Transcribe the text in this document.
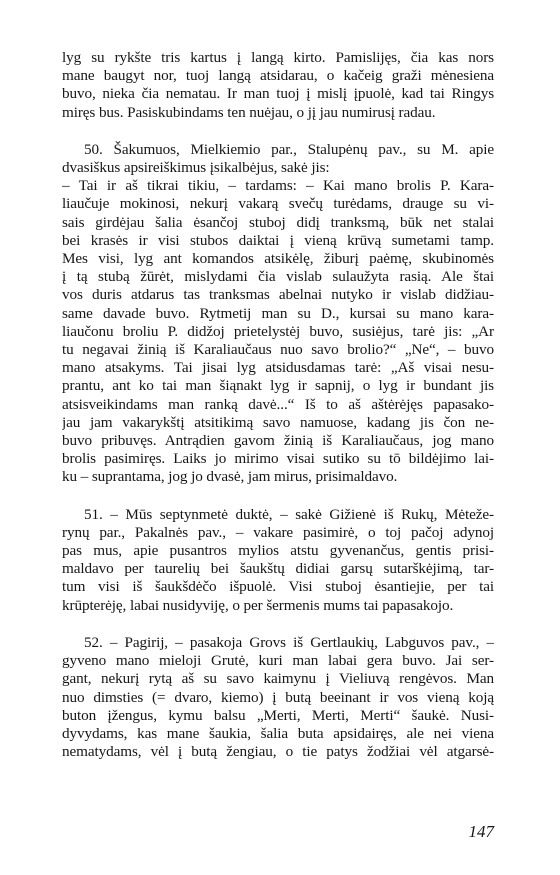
lyg su rykšte tris kartus į langą kirto. Pamislijęs, čia kas nors
mane baugyt nor, tuoj langą atsidarau, o kačeig graži mėnesiena
buvo, nieka čia nematau. Ir man tuoj į mislį įpuolė, kad tai Ringys
miręs bus. Pasiskubindams ten nuėjau, o jį jau numirusį radau.
50. Šakumuos, Mielkiemio par., Stalupėnų pav., su M. apie
dvasiškus apsireiškimus įsikalbėjus, sakė jis:
– Tai ir aš tikrai tikiu, – tardams: – Kai mano brolis P. Kara-
liaučuje mokinosi, nekurį vakarą svečų turėdams, drauge su vi-
sais girdėjau šalia ėsančoj stuboj didį tranksmą, būk net stalai
bei krasės ir visi stubos daiktai į vieną krūvą sumetami tamp.
Mes visi, lyg ant komandos atsikėlę, žiburį paėmę, skubinomės
į tą stubą žūrėt, mislydami čia vislab sulaužyta rasią. Ale štai
vos duris atdarus tas tranksmas abelnai nutyko ir vislab didžiau-
same davade buvo. Rytmetij man su D., kursai su mano kara-
liaučonu broliu P. didžoj prietelystėj buvo, susiėjus, tarė jis: „Ar
tu negavai žinią iš Karaliaučaus nuo savo brolio?“ „Ne“, – buvo
mano atsakyms. Tai jisai lyg atsidusdamas tarė: „Aš visai nesu-
prantu, ant ko tai man šiąnakt lyg ir sapnij, o lyg ir bundant jis
atsisveikindams man ranką davė...“ Iš to aš aštėrėjęs papasako-
jau jam vakarykštį atsitikimą savo namuose, kadang jis čon ne-
buvo pribuvęs. Antrądien gavom žinią iš Karaliaučaus, jog mano
brolis pasimiręs. Laiks jo mirimo visai sutiko su tō bildėjimo lai-
ku – suprantama, jog jo dvasė, jam mirus, prisimaldavo.
51. – Mūs septynmetė duktė, – sakė Gižienė iš Rukų, Mėteže-
rynų par., Pakalnės pav., – vakare pasimirė, o toj pačoj adynoj
pas mus, apie pusantros mylios atstu gyvenančus, gentis prisi-
maldavo per taurelių bei šaukštų didiai garsų sutarškėjimą, tar-
tum visi iš šaukšdėčo išpuolė. Visi stuboj ėsantiejie, per tai
krūpterėję, labai nusidyviję, o per šermenis mums tai papasakojo.
52. – Pagirij, – pasakoja Grovs iš Gertlaukių, Labguvos pav., –
gyveno mano mieloji Grutė, kuri man labai gera buvo. Jai ser-
gant, nekurį rytą aš su savo kaimynu į Vieliuvą rengėvos. Man
nuo dimsties (= dvaro, kiemo) į butą beeinant ir vos vieną koją
buton įžengus, kymu balsu „Merti, Merti, Merti“ šaukė. Nusi-
dyvydams, kas mane šaukia, šalia buta apsidairęs, ale nei viena
nematydams, vėl į butą žengiau, o tie patys žodžiai vėl atgarsė-
147
